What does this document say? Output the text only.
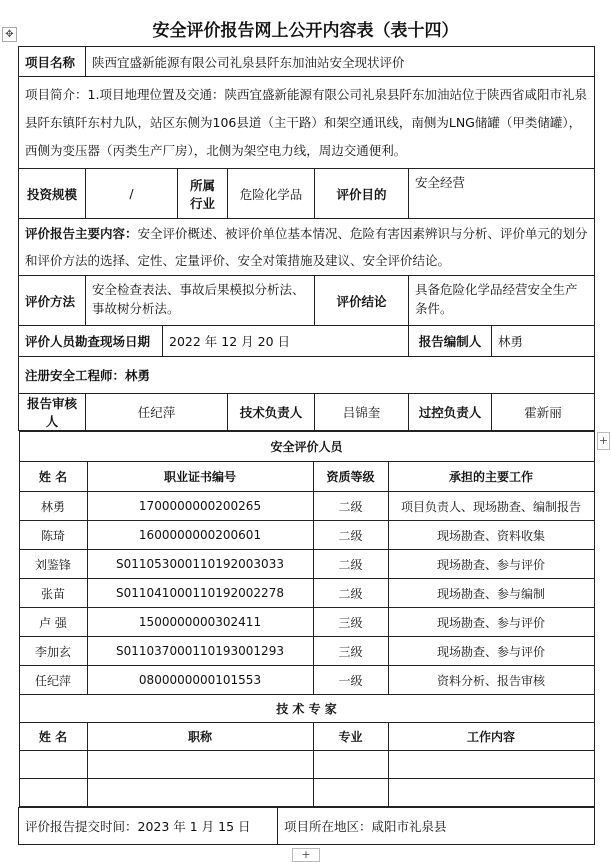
安全评价报告网上公开内容表（表十四）
✥
+
+
项目名称	陕西宜盛新能源有限公司礼泉县阡东加油站安全现状评价
项目简介：1.项目地理位置及交通：陕西宜盛新能源有限公司礼泉县阡东加油站位于陕西省咸阳市礼泉县阡东镇阡东村九队，站区东侧为106县道（主干路）和架空通讯线，南侧为LNG储罐（甲类储罐），西侧为变压器（丙类生产厂房），北侧为架空电力线，周边交通便利。
投资规模	/	所属行业	危险化学品	评价目的	安全经营
评价报告主要内容：安全评价概述、被评价单位基本情况、危险有害因素辨识与分析、评价单元的划分和评价方法的选择、定性、定量评价、安全对策措施及建议、安全评价结论。
评价方法	安全检查表法、事故后果模拟分析法、事故树分析法。	评价结论	具备危险化学品经营安全生产条件。
评价人员勘查现场日期	2022 年 12 月 20 日	报告编制人	林勇
注册安全工程师：林勇
报告审核人	任纪萍	技术负责人	吕锦奎	过控负责人	霍新丽

安全评价人员
姓 名	职业证书编号	资质等级	承担的主要工作
林勇	1700000000200265	二级	项目负责人、现场勘查、编制报告
陈琦	1600000000200601	二级	现场勘查、资料收集
刘鉴锋	S011053000110192003033	二级	现场勘查、参与评价
张苗	S011041000110192002278	二级	现场勘查、参与编制
卢 强	1500000000302411	三级	现场勘查、参与评价
李加玄	S011037000110193001293	三级	现场勘查、参与评价
任纪萍	0800000000101553	一级	资料分析、报告审核
技 术 专 家
姓 名	职称	专业	工作内容

评价报告提交时间：2023 年 1 月 15 日	项目所在地区：咸阳市礼泉县
